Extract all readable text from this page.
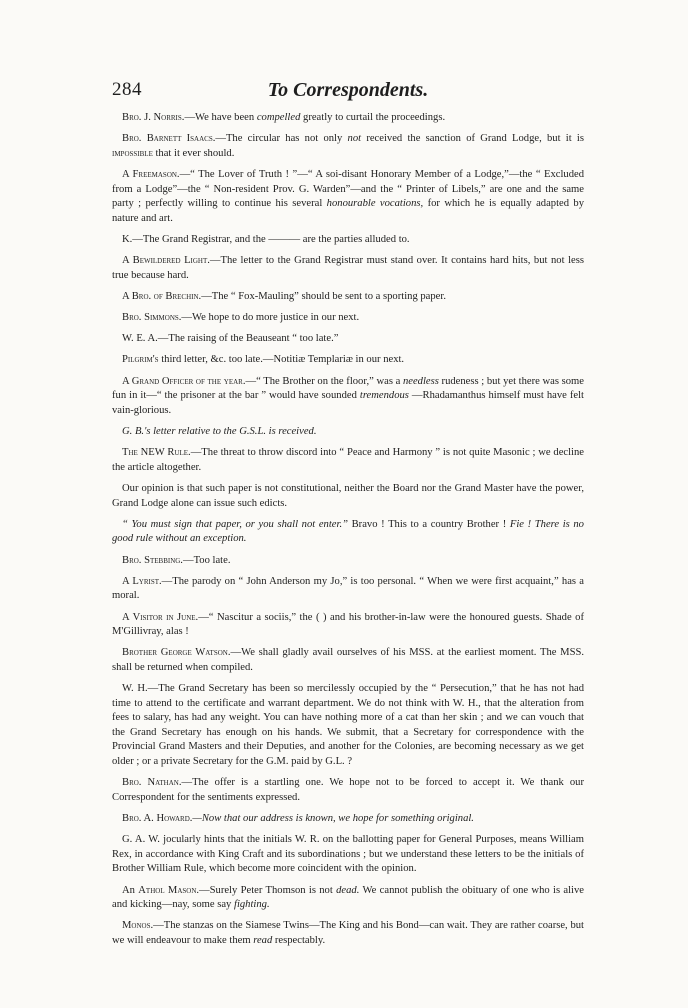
284	To Correspondents.

Bro. J. Norris.—We have been compelled greatly to curtail the proceedings.

Bro. Barnett Isaacs.—The circular has not only not received the sanction of Grand Lodge, but it is impossible that it ever should.

A Freemason.—“ The Lover of Truth ! ”—“ A soi-disant Honorary Member of a Lodge,”—the “ Excluded from a Lodge”—the “ Non-resident Prov. G. Warden”—and the “ Printer of Libels,” are one and the same party ; perfectly willing to continue his several honourable vocations, for which he is equally adapted by nature and art.

K.—The Grand Registrar, and the ——— are the parties alluded to.

A Bewildered Light.—The letter to the Grand Registrar must stand over. It contains hard hits, but not less true because hard.

A Bro. of Brechin.—The “ Fox-Mauling” should be sent to a sporting paper.

Bro. Simmons.—We hope to do more justice in our next.

W. E. A.—The raising of the Beauseant “ too late.”

Pilgrim's third letter, &c. too late.—Notitiæ Templariæ in our next.

A Grand Officer of the year.—“ The Brother on the floor,” was a needless rudeness ; but yet there was some fun in it—“ the prisoner at the bar ” would have sounded tremendous —Rhadamanthus himself must have felt vain-glorious.

G. B.'s letter relative to the G.S.L. is received.

The NEW Rule.—The threat to throw discord into “ Peace and Harmony ” is not quite Masonic ; we decline the article altogether.

Our opinion is that such paper is not constitutional, neither the Board nor the Grand Master have the power, Grand Lodge alone can issue such edicts.

“ You must sign that paper, or you shall not enter.” Bravo ! This to a country Brother ! Fie ! There is no good rule without an exception.

Bro. Stebbing.—Too late.

A Lyrist.—The parody on “ John Anderson my Jo,” is too personal. “ When we were first acquaint,” has a moral.

A Visitor in June.—“ Nascitur a sociis,” the ( ) and his brother-in-law were the honoured guests. Shade of M'Gillivray, alas !

Brother George Watson.—We shall gladly avail ourselves of his MSS. at the earliest moment. The MSS. shall be returned when compiled.

W. H.—The Grand Secretary has been so mercilessly occupied by the “ Persecution,” that he has not had time to attend to the certificate and warrant department. We do not think with W. H., that the alteration from fees to salary, has had any weight. You can have nothing more of a cat than her skin ; and we can vouch that the Grand Secretary has enough on his hands. We submit, that a Secretary for correspondence with the Provincial Grand Masters and their Deputies, and another for the Colonies, are becoming necessary as we get older ; or a private Secretary for the G.M. paid by G.L. ?

Bro. Nathan.—The offer is a startling one. We hope not to be forced to accept it. We thank our Correspondent for the sentiments expressed.

Bro. A. Howard.—Now that our address is known, we hope for something original.

G. A. W. jocularly hints that the initials W. R. on the ballotting paper for General Purposes, means William Rex, in accordance with King Craft and its subordinations ; but we understand these letters to be the initials of Brother William Rule, which become more coincident with the opinion.

An Athol Mason.—Surely Peter Thomson is not dead. We cannot publish the obituary of one who is alive and kicking—nay, some say fighting.

Monos.—The stanzas on the Siamese Twins—The King and his Bond—can wait. They are rather coarse, but we will endeavour to make them read respectably.
